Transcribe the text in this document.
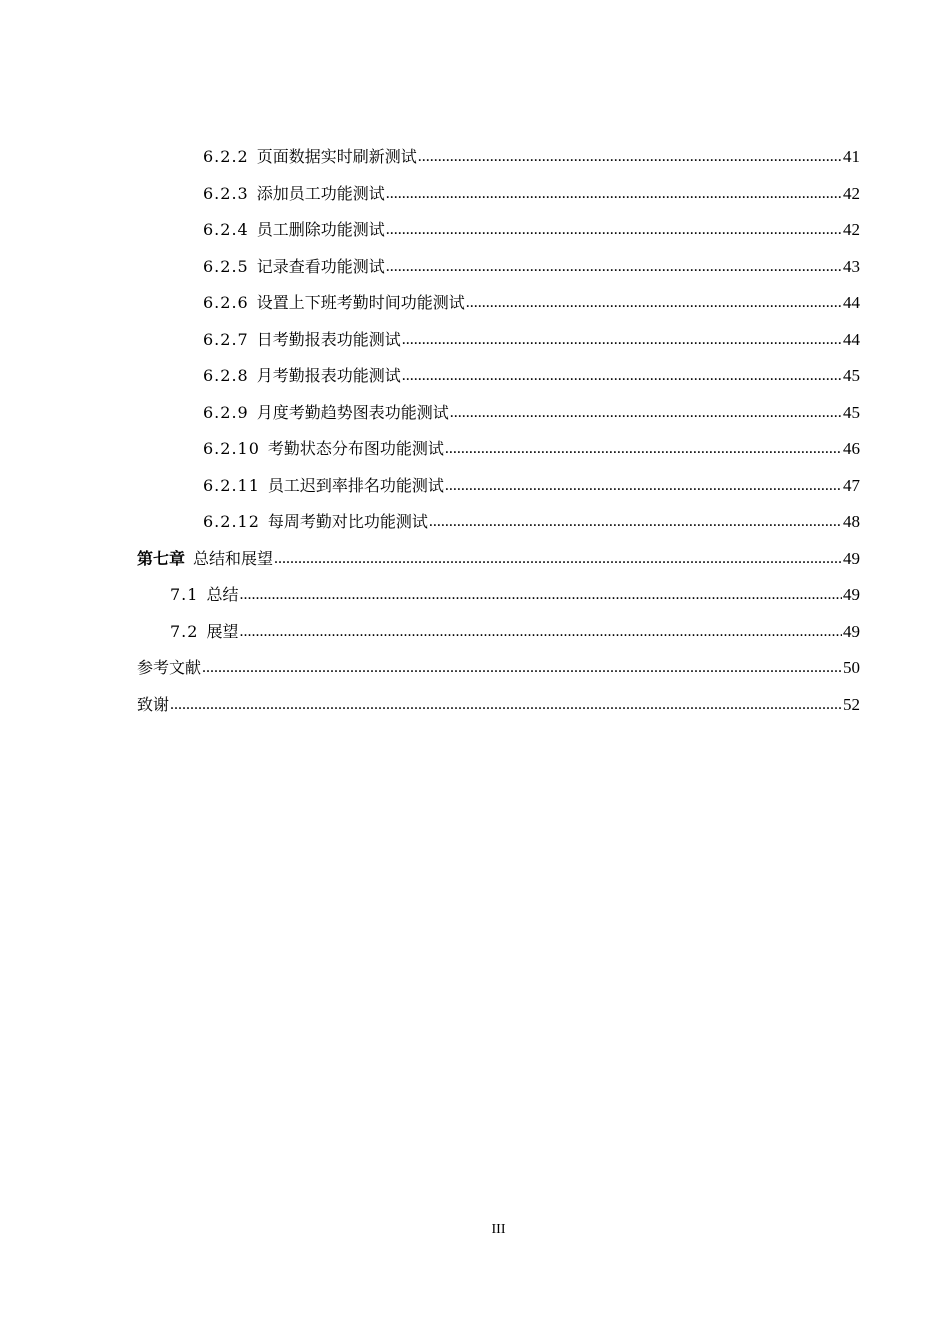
6.2.2 页面数据实时刷新测试 .....	41
6.2.3 添加员工功能测试 .....	42
6.2.4 员工删除功能测试 .....	42
6.2.5 记录查看功能测试 .....	43
6.2.6 设置上下班考勤时间功能测试 .....	44
6.2.7 日考勤报表功能测试 .....	44
6.2.8 月考勤报表功能测试 .....	45
6.2.9 月度考勤趋势图表功能测试 .....	45
6.2.10 考勤状态分布图功能测试 .....	46
6.2.11 员工迟到率排名功能测试 .....	47
6.2.12 每周考勤对比功能测试 .....	48
第七章 总结和展望 .....	49
7.1 总结 .....	49
7.2 展望 .....	49
参考文献 .....	50
致谢 .....	52
III
